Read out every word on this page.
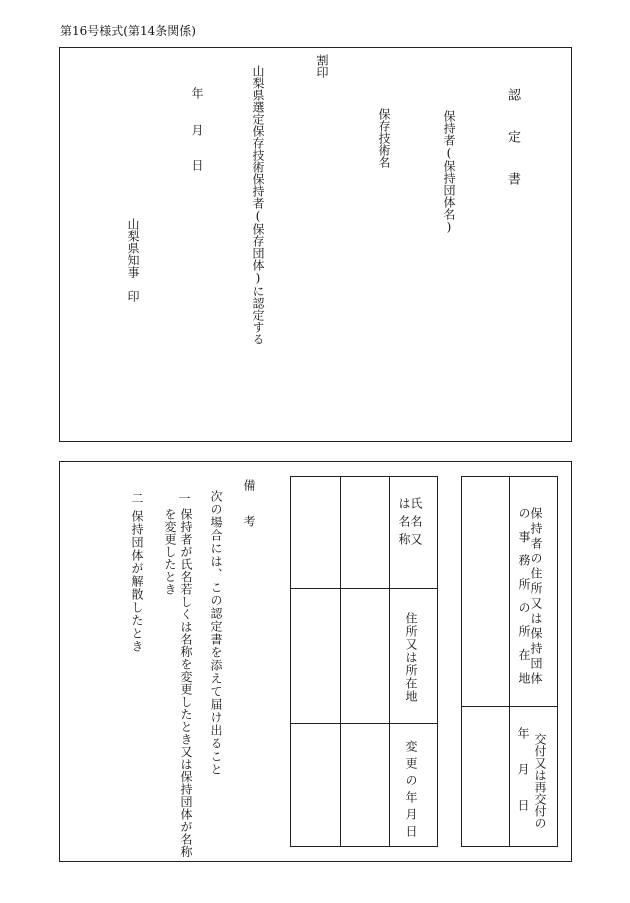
第16号様式(第14条関係)
認　定　書
保持者(保持団体名)
保存技術名
割印
山梨県選定保存技術保持者(保存団体)に認定する
年
月
日
山梨県知事　印
保持者の住所又は保持団体の事務所の所在地
交付又は再交付の
年　月　日
氏名又は名称
住所又は所在地
変更の年月日
備　考
次の場合には、この認定書を添えて届け出ること
一
保持者が氏名若しくは名称を変更したとき又は保持団体が名称を変更したとき
二
保持団体が解散したとき
